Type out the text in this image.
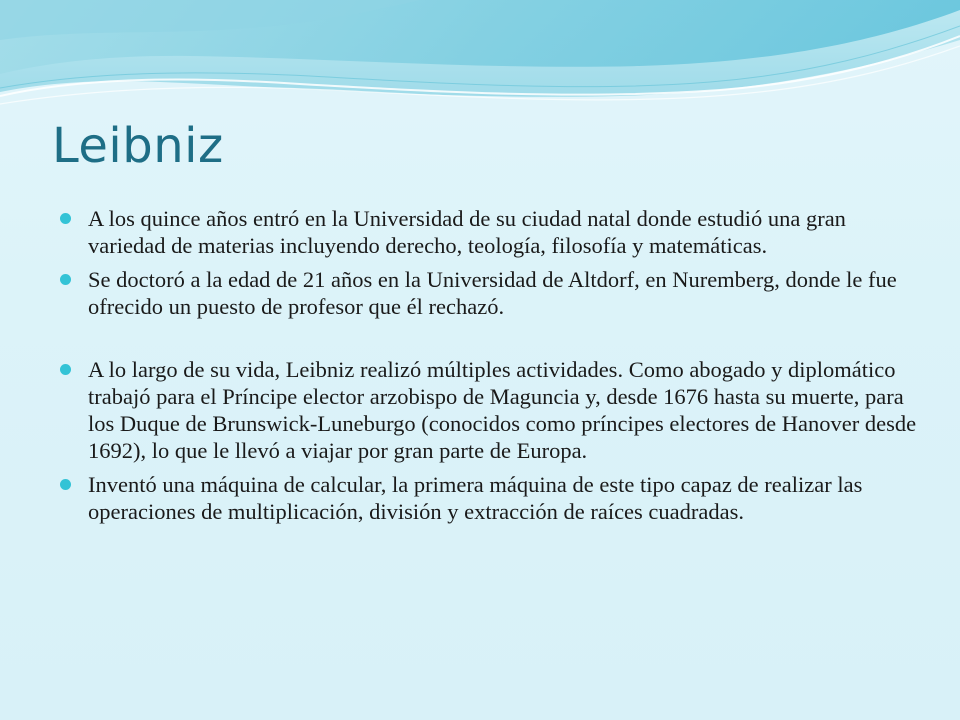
Leibniz
A los quince años entró en la Universidad de su ciudad natal donde estudió una gran variedad de materias incluyendo derecho, teología, filosofía y matemáticas.
Se doctoró a la edad de 21 años en la Universidad de Altdorf, en Nuremberg, donde le fue ofrecido un puesto de profesor que él rechazó.
A lo largo de su vida, Leibniz realizó múltiples actividades. Como abogado y diplomático trabajó para el Príncipe elector arzobispo de Maguncia y, desde 1676 hasta su muerte, para los Duque de Brunswick-Luneburgo (conocidos como príncipes electores de Hanover desde 1692), lo que le llevó a viajar por gran parte de Europa.
Inventó una máquina de calcular, la primera máquina de este tipo capaz de realizar las operaciones de multiplicación, división y extracción de raíces cuadradas.
